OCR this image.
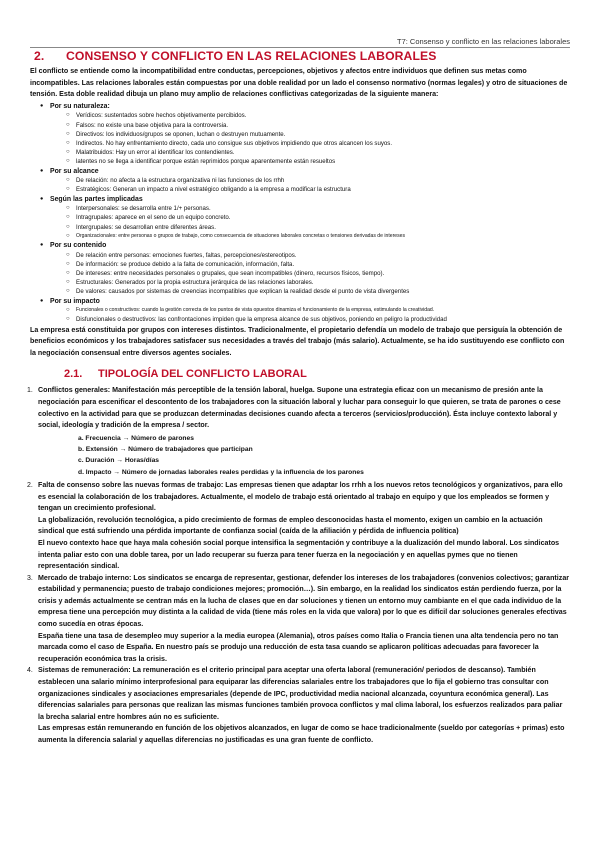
T7: Consenso y conflicto en las relaciones laborales
2. CONSENSO Y CONFLICTO EN LAS RELACIONES LABORALES

El conflicto se entiende como la incompatibilidad entre conductas, percepciones, objetivos y afectos entre individuos que definen sus metas como incompatibles. Las relaciones laborales están compuestas por una doble realidad por un lado el consenso normativo (normas legales) y otro de situaciones de tensión. Esta doble realidad dibuja un plano muy amplio de relaciones conflictivas categorizadas de la siguiente manera:

● Por su naturaleza:
○ Verídicos: sustentados sobre hechos objetivamente percibidos.
○ Falsos: no existe una base objetiva para la controversia.
○ Directivos: los individuos/grupos se oponen, luchan o destruyen mutuamente.
○ Indirectos. No hay enfrentamiento directo, cada uno consigue sus objetivos impidiendo que otros alcancen los suyos.
○ Malatribuidos: Hay un error al identificar los contendientes.
○ latentes no se llega a identificar porque están reprimidos porque aparentemente están resueltos
● Por su alcance
○ De relación: no afecta a la estructura organizativa ni las funciones de los rrhh
○ Estratégicos: Generan un impacto a nivel estratégico obligando a la empresa a modificar la estructura
● Según las partes implicadas
○ Interpersonales: se desarrolla entre 1/+ personas.
○ Intragrupales: aparece en el seno de un equipo concreto.
○ Intergrupales: se desarrollan entre diferentes áreas.
○ Organizacionales: entre personas o grupos de trabajo, como consecuencia de situaciones laborales concretas o tensiones derivadas de intereses
● Por su contenido
○ De relación entre personas: emociones fuertes, faltas, percepciones/estereotipos.
○ De información: se produce debido a la falta de comunicación, información, falta.
○ De intereses: entre necesidades personales o grupales, que sean incompatibles (dinero, recursos físicos, tiempo).
○ Estructurales: Generados por la propia estructura jerárquica de las relaciones laborales.
○ De valores: causados por sistemas de creencias incompatibles que explican la realidad desde el punto de vista divergentes
● Por su impacto
○ Funcionales o constructivos: cuando la gestión correcta de los puntos de vista opuestos dinamiza el funcionamiento de la empresa, estimulando la creatividad.
○ Disfuncionales o destructivos: las confrontaciones impiden que la empresa alcance de sus objetivos, poniendo en peligro la productividad

La empresa está constituida por grupos con intereses distintos. Tradicionalmente, el propietario defendía un modelo de trabajo que persiguía la obtención de beneficios económicos y los trabajadores satisfacer sus necesidades a través del trabajo (más salario). Actualmente, se ha ido sustituyendo ese conflicto con la negociación consensual entre diversos agentes sociales.

2.1. TIPOLOGÍA DEL CONFLICTO LABORAL
1. Conflictos generales: Manifestación más perceptible de la tensión laboral, huelga. Supone una estrategia eficaz con un mecanismo de presión ante la negociación para escenificar el descontento de los trabajadores con la situación laboral y luchar para conseguir lo que quieren, se trata de parones o cese colectivo en la actividad para que se produzcan determinadas decisiones cuando afecta a terceros (servicios/producción). Ésta incluye contexto laboral y social, ideología y tradición de la empresa / sector.

a. Frecuencia → Número de parones
b. Extensión → Número de trabajadores que participan
c. Duración → Horas/días
d. Impacto → Número de jornadas laborales reales perdidas y la influencia de los parones
2. Falta de consenso sobre las nuevas formas de trabajo: Las empresas tienen que adaptar los rrhh a los nuevos retos tecnológicos y organizativos, para ello es esencial la colaboración de los trabajadores. Actualmente, el modelo de trabajo está orientado al trabajo en equipo y que los empleados se formen y tengan un crecimiento profesional.

La globalización, revolución tecnológica, a pido crecimiento de formas de empleo desconocidas hasta el momento, exigen un cambio en la actuación sindical que está sufriendo una pérdida importante de confianza social (caída de la afiliación y pérdida de influencia política)

El nuevo contexto hace que haya mala cohesión social porque intensifica la segmentación y contribuye a la dualización del mundo laboral. Los sindicatos intenta paliar esto con una doble tarea, por un lado recuperar su fuerza para tener fuerza en la negociación y en aquellas pymes que no tienen representación sindical.

3. Mercado de trabajo interno: Los sindicatos se encarga de representar, gestionar, defender los intereses de los trabajadores (convenios colectivos; garantizar estabilidad y permanencia; puesto de trabajo condiciones mejores; promoción…). Sin embargo, en la realidad los sindicatos están perdiendo fuerza, por la crisis y además actualmente se centran más en la lucha de clases que en dar soluciones y tienen un entorno muy cambiante en el que cada individuo de la empresa tiene una percepción muy distinta a la calidad de vida (tiene más roles en la vida que valora) por lo que es difícil dar soluciones generales efectivas como sucedía en otras épocas.

España tiene una tasa de desempleo muy superior a la media europea (Alemania), otros países como Italia o Francia tienen una alta tendencia pero no tan marcada como el caso de España. En nuestro país se produjo una reducción de esta tasa cuando se aplicaron políticas adecuadas para favorecer la recuperación económica tras la crisis.

4. Sistemas de remuneración: La remuneración es el criterio principal para aceptar una oferta laboral (remuneración/ periodos de descanso). También establecen una salario mínimo interprofesional para equiparar las diferencias salariales entre los trabajadores que lo fija el gobierno tras consultar con organizaciones sindicales y asociaciones empresariales (depende de IPC, productividad media nacional alcanzada, coyuntura económica general). Las diferencias salariales para personas que realizan las mismas funciones también provoca conflictos y mal clima laboral, los esfuerzos realizados para paliar la brecha salarial entre hombres aún no es suficiente.

Las empresas están remunerando en función de los objetivos alcanzados, en lugar de como se hace tradicionalmente (sueldo por categorías + primas) esto aumenta la diferencia salarial y aquellas diferencias no justificadas es una gran fuente de conflicto.
